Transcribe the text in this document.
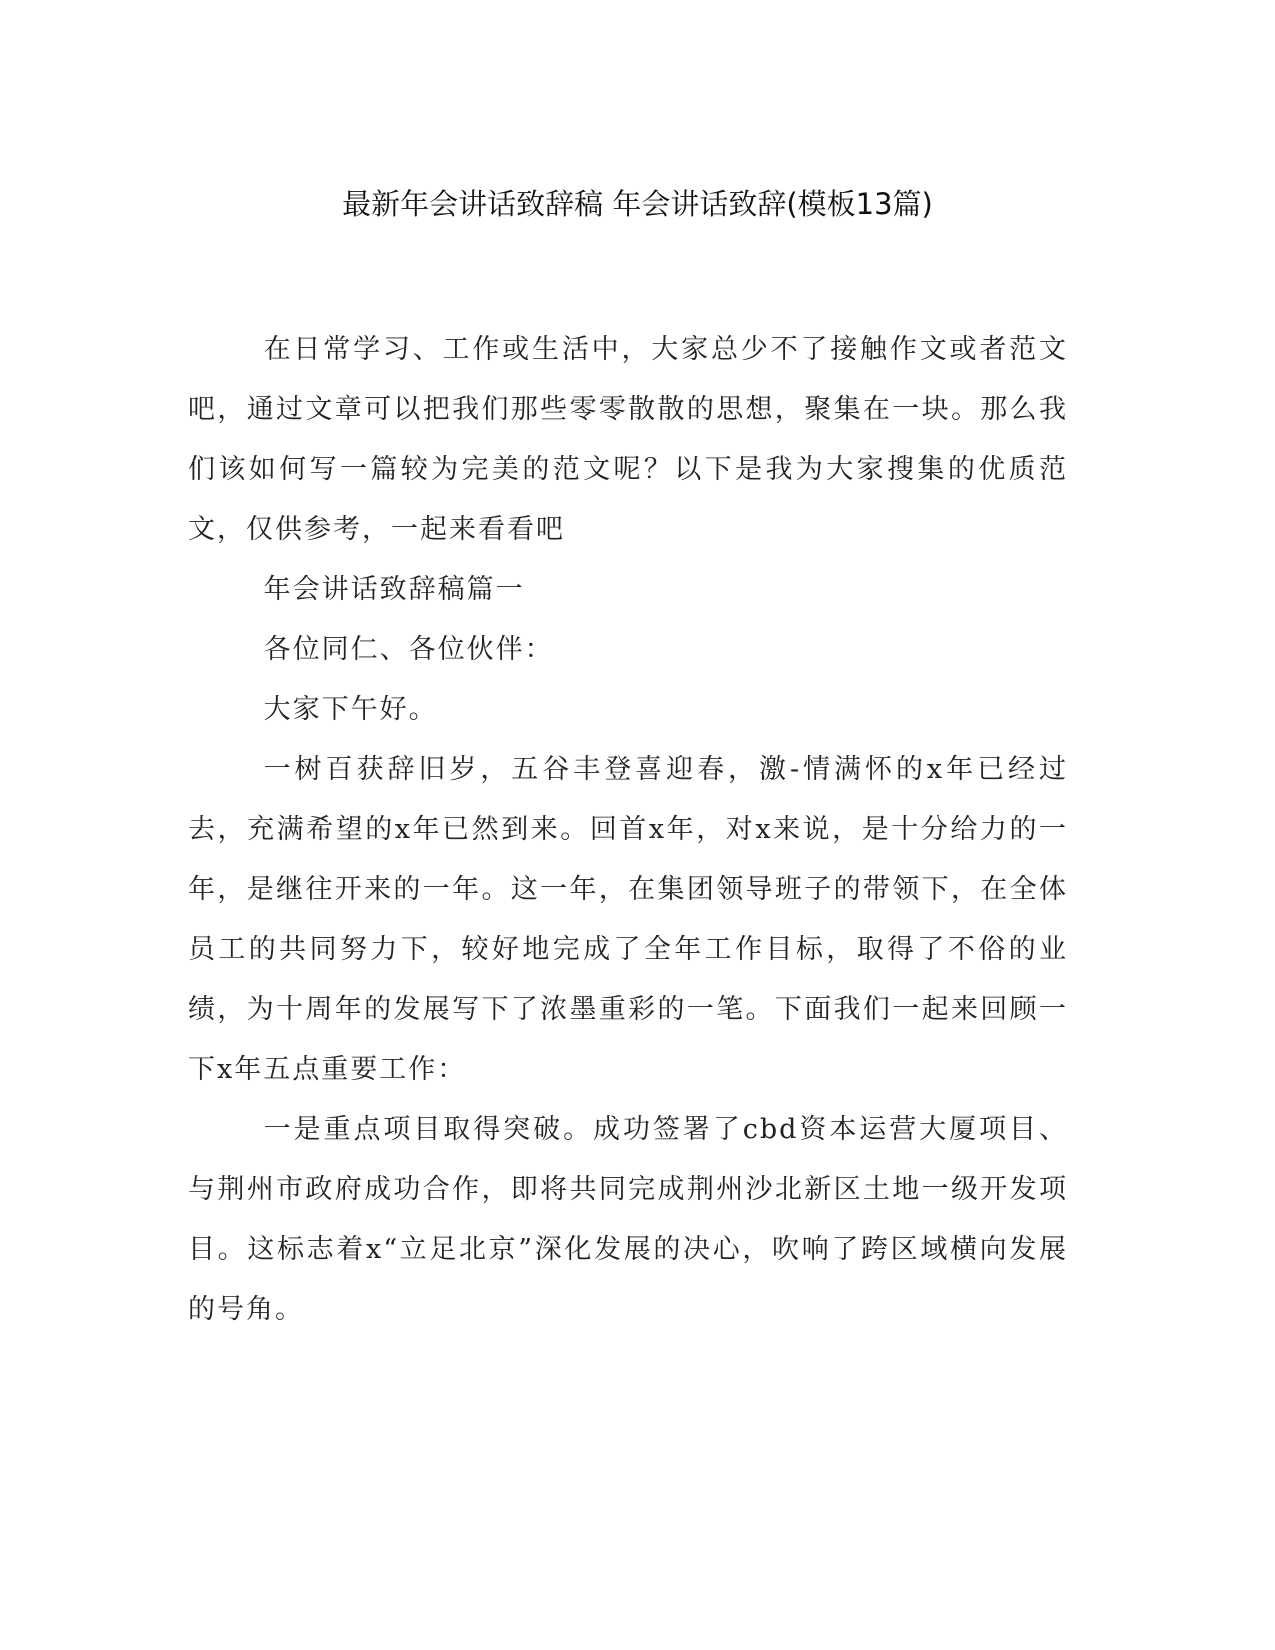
最新年会讲话致辞稿 年会讲话致辞(模板13篇)

在日常学习、工作或生活中，大家总少不了接触作文或者范文吧，通过文章可以把我们那些零零散散的思想，聚集在一块。那么我们该如何写一篇较为完美的范文呢？以下是我为大家搜集的优质范文，仅供参考，一起来看看吧

年会讲话致辞稿篇一

各位同仁、各位伙伴：

大家下午好。

一树百获辞旧岁，五谷丰登喜迎春，激-情满怀的x年已经过去，充满希望的x年已然到来。回首x年，对x来说，是十分给力的一年，是继往开来的一年。这一年，在集团领导班子的带领下，在全体员工的共同努力下，较好地完成了全年工作目标，取得了不俗的业绩，为十周年的发展写下了浓墨重彩的一笔。下面我们一起来回顾一下x年五点重要工作：

一是重点项目取得突破。成功签署了cbd资本运营大厦项目、与荆州市政府成功合作，即将共同完成荆州沙北新区土地一级开发项目。这标志着x“立足北京”深化发展的决心，吹响了跨区域横向发展的号角。
